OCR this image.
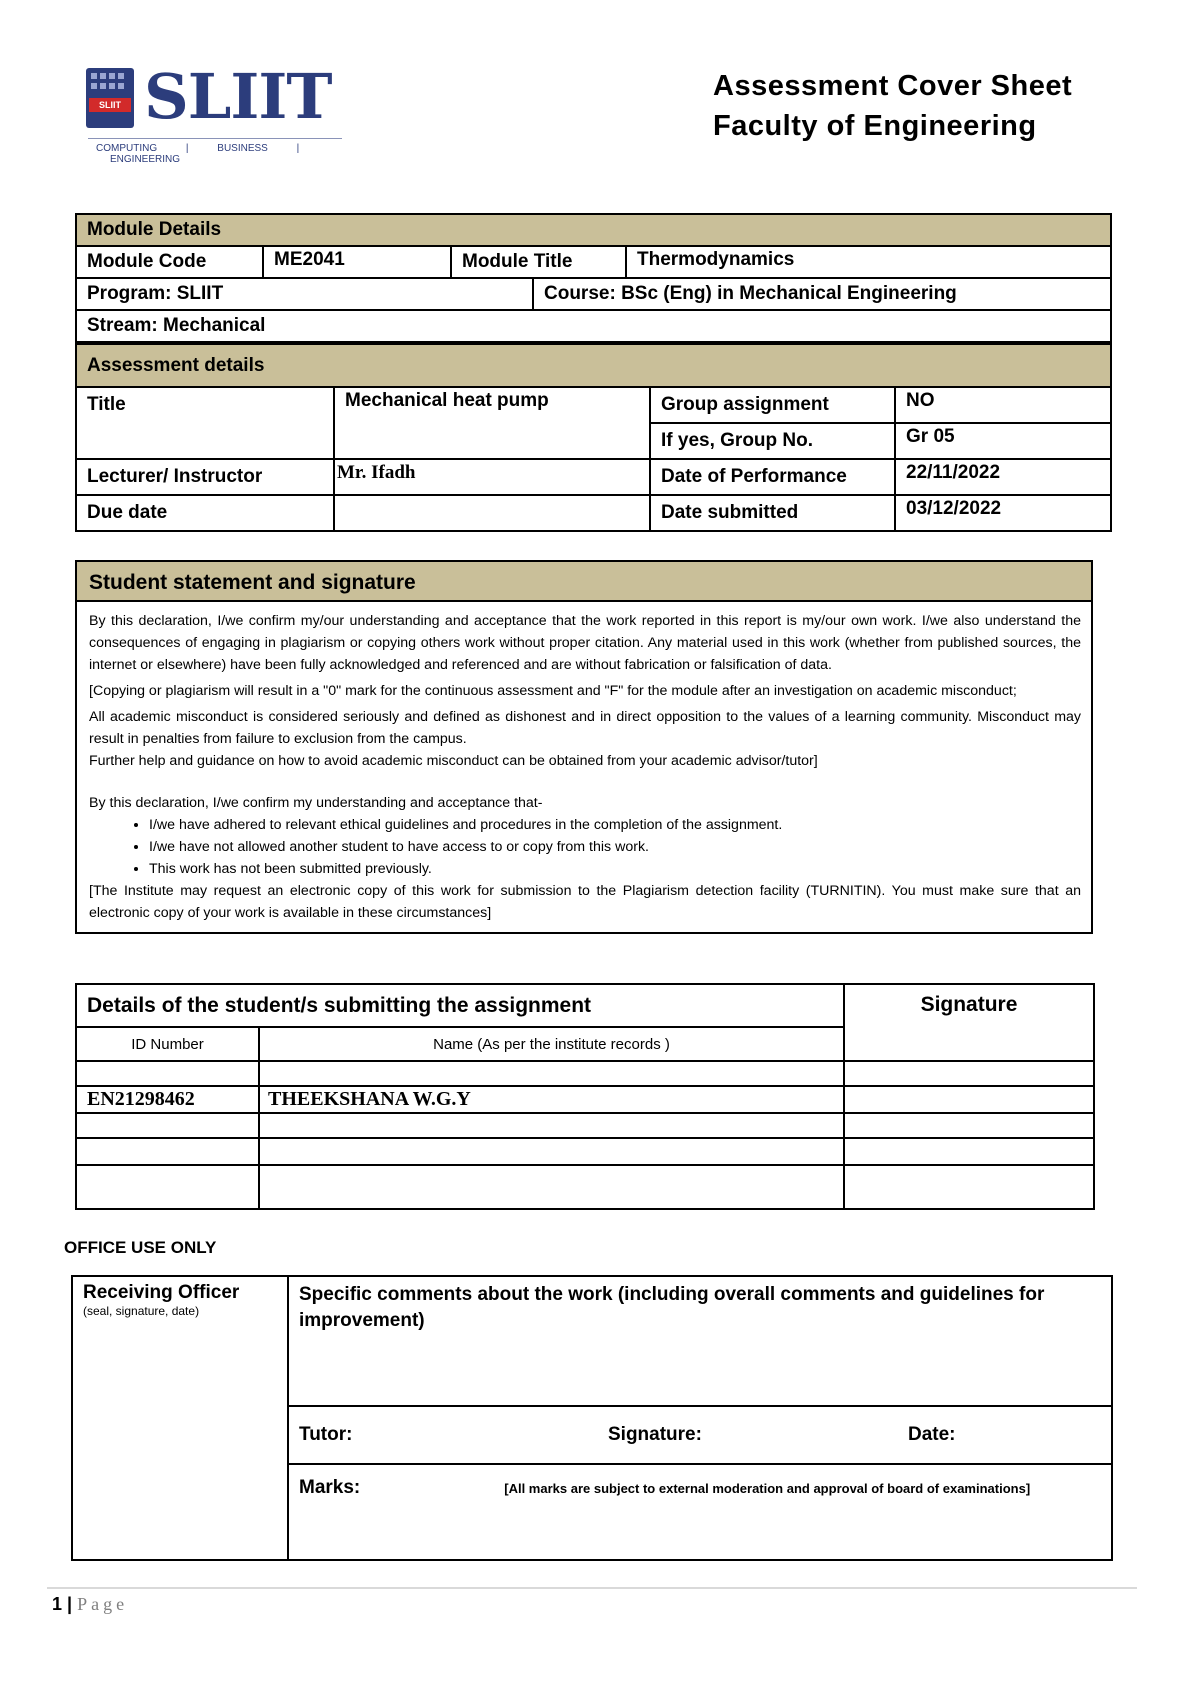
SLIIT SLIIT
COMPUTING	|	BUSINESS	| ENGINEERING
Assessment Cover Sheet
Faculty of Engineering
Module Details				
Module Code	ME2041	Module Title		Thermodynamics
Program: SLIIT			Course: BSc (Eng) in Mechanical Engineering	
Stream: Mechanical				
Assessment details			
Title	Mechanical heat pump	Group assignment	NO
		If yes, Group No.	Gr 05
Lecturer/ Instructor	Mr. Ifadh	Date of Performance	22/11/2022
Due date		Date submitted	03/12/2022
Student statement and signature

By this declaration, I/we confirm my/our understanding and acceptance that the work reported in this report is my/our own work. I/we also understand the consequences of engaging in plagiarism or copying others work without proper citation. Any material used in this work (whether from published sources, the internet or elsewhere) have been fully acknowledged and referenced and are without fabrication or falsification of data.

[Copying or plagiarism will result in a "0" mark for the continuous assessment and "F" for the module after an investigation on academic misconduct;

All academic misconduct is considered seriously and defined as dishonest and in direct opposition to the values of a learning community. Misconduct may result in penalties from failure to exclusion from the campus.

Further help and guidance on how to avoid academic misconduct can be obtained from your academic advisor/tutor]

By this declaration, I/we confirm my understanding and acceptance that-

• I/we have adhered to relevant ethical guidelines and procedures in the completion of the assignment.
• I/we have not allowed another student to have access to or copy from this work.
• This work has not been submitted previously.

[The Institute may request an electronic copy of this work for submission to the Plagiarism detection facility (TURNITIN). You must make sure that an electronic copy of your work is available in these circumstances]

Details of the student/s submitting the assignment		Signature
ID Number	Name (As per the institute records )	

EN21298462	THEEKSHANA W.G.Y	

OFFICE USE ONLY
Receiving Officer
(seal, signature, date)	Specific comments about the work (including overall comments and guidelines for improvement)		
	Tutor:	Signature:	Date:
	Marks: [All marks are subject to external moderation and approval of board of examinations]		
1 | Page
